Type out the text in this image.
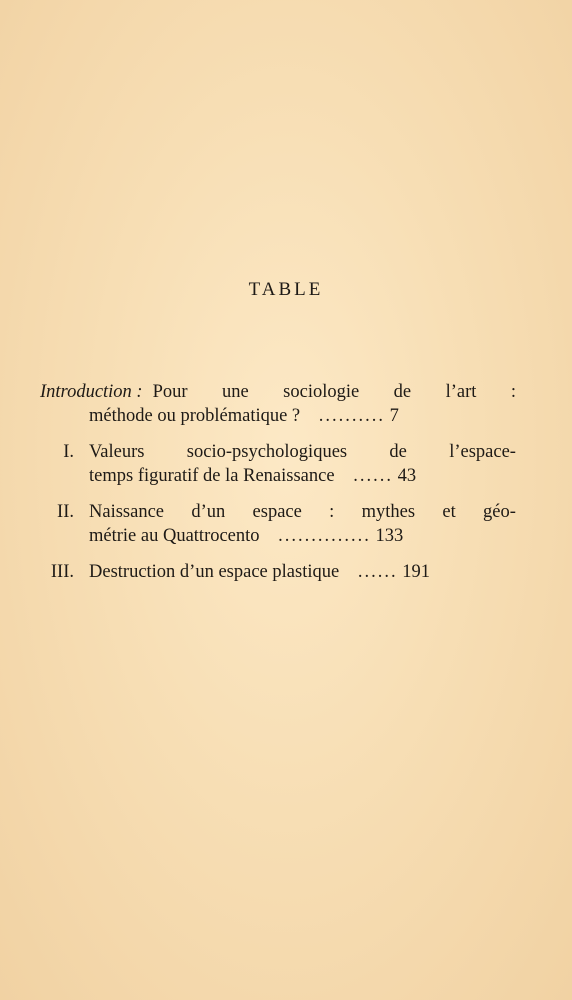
TABLE
Introduction : Pour une sociologie de l’art :
méthode ou problématique ? .......... 7
I. Valeurs socio-psychologiques de l’espace-
temps figuratif de la Renaissance ...... 43
II. Naissance d’un espace : mythes et géo-
métrie au Quattrocento .............. 133
III. Destruction d’un espace plastique ...... 191
